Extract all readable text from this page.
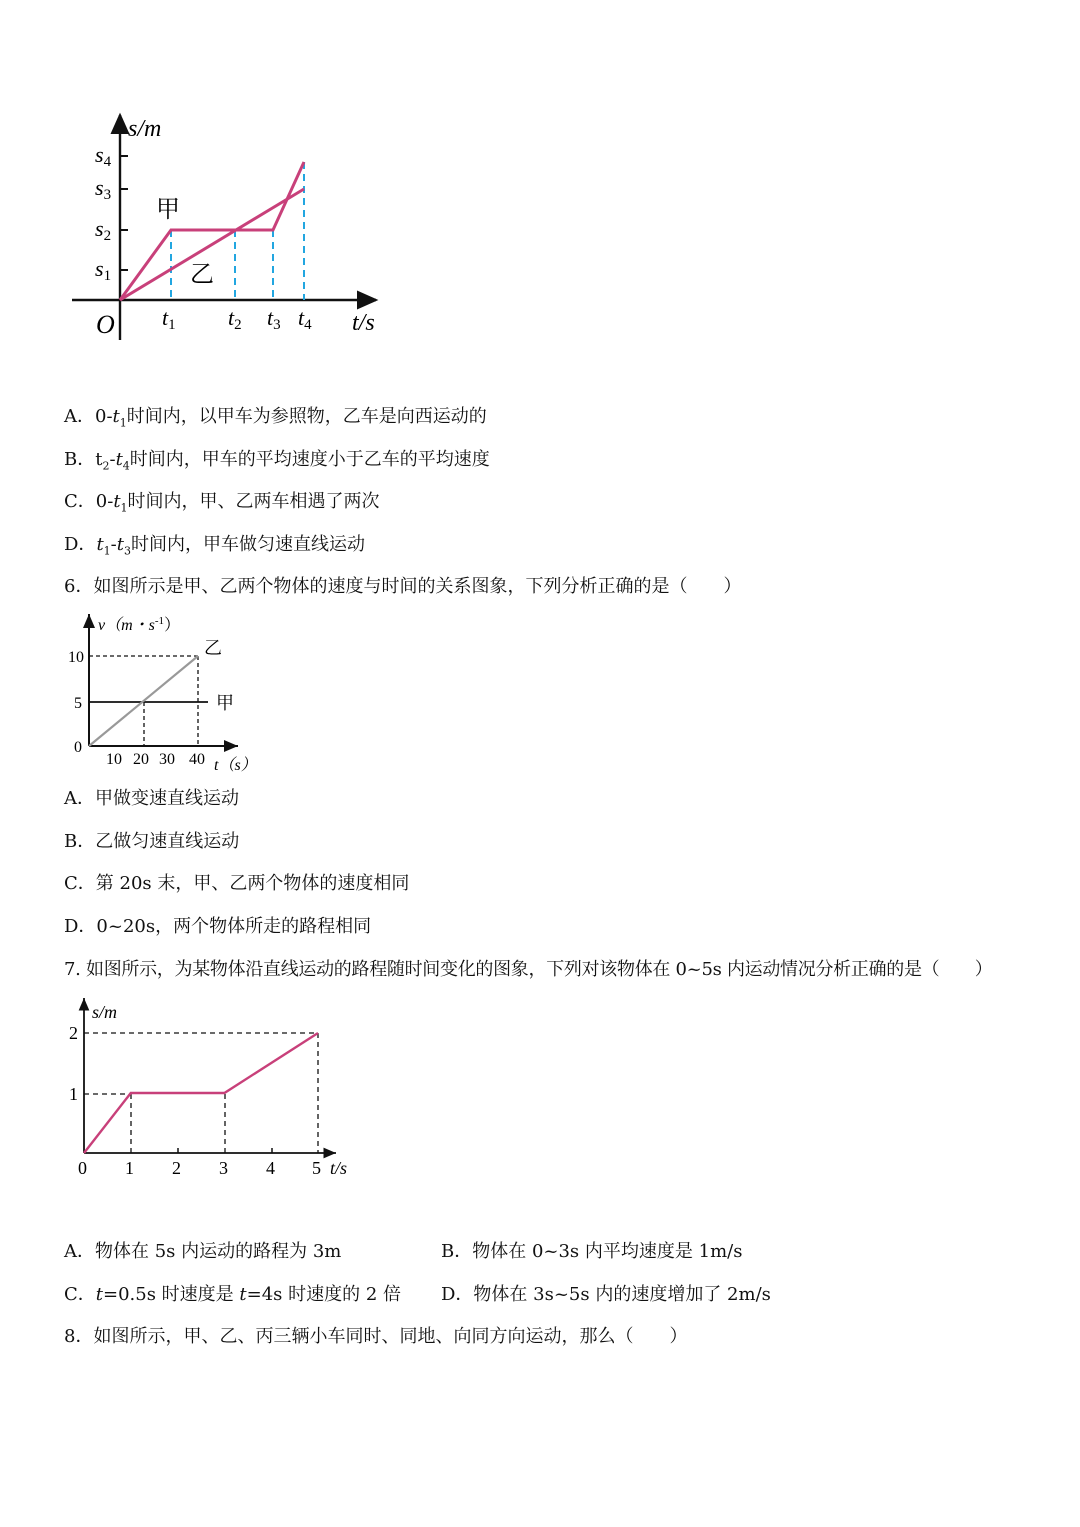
s/m
t/s
O
s4
s3
s2
s1
t1 t2 t3 t4
甲
乙
A．$0-t_1$时间内，以甲车为参照物，乙车是向西运动的
B．$t_2-t_4$时间内，甲车的平均速度小于乙车的平均速度
C．$0-t_1$时间内，甲、乙两车相遇了两次
D．$t_1-t_3$时间内，甲车做匀速直线运动
6．如图所示是甲、乙两个物体的速度与时间的关系图象，下列分析正确的是（　　）
v（m・$s^{-1}$）
10
5
0
10 20 30 40 t（s）
乙
甲
A．甲做变速直线运动
B．乙做匀速直线运动
C．第 20s 末，甲、乙两个物体的速度相同
D．0~20s，两个物体所走的路程相同
7. 如图所示，为某物体沿直线运动的路程随时间变化的图象，下列对该物体在 0~5s 内运动情况分析正确的是（　　）
s/m
2
1
0 1 2 3 4 5 t/s
A．物体在 5s 内运动的路程为 3m	B．物体在 0~3s 内平均速度是 1m/s
C．t=0.5s 时速度是 t=4s 时速度的 2 倍 D．物体在 3s~5s 内的速度增加了 2m/s
8．如图所示，甲、乙、丙三辆小车同时、同地、向同方向运动，那么（　　）
